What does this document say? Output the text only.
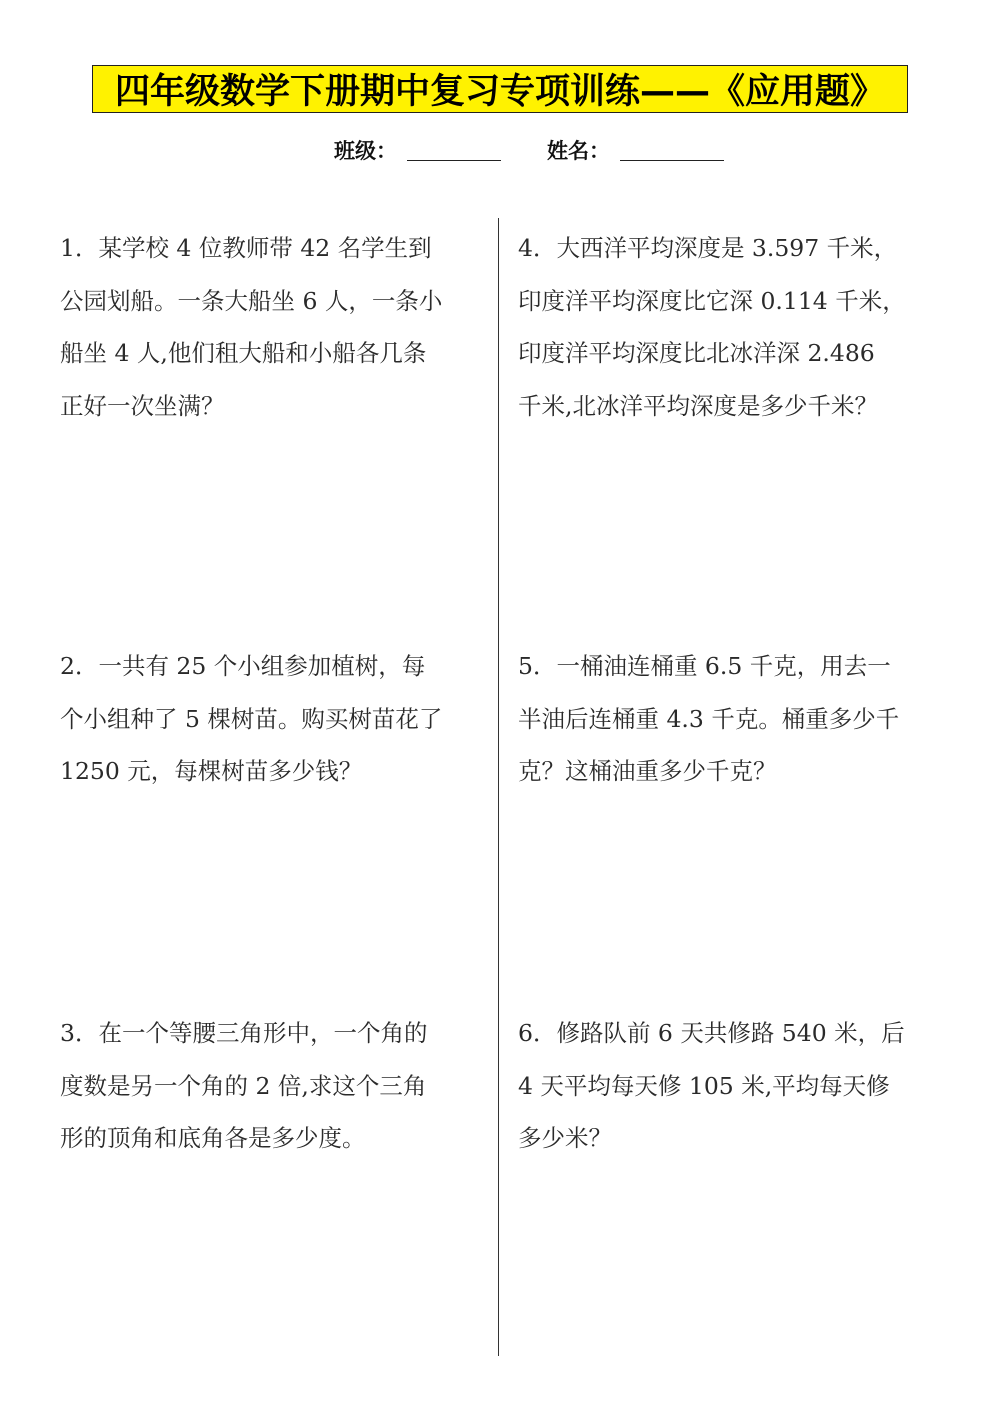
四年级数学下册期中复习专项训练——《应用题》
班级：	姓名：
1．某学校 4 位教师带 42 名学生到
公园划船。一条大船坐 6 人，一条小
船坐 4 人,他们租大船和小船各几条
正好一次坐满？
2．一共有 25 个小组参加植树，每
个小组种了 5 棵树苗。购买树苗花了
1250 元，每棵树苗多少钱？
3．在一个等腰三角形中，一个角的
度数是另一个角的 2 倍,求这个三角
形的顶角和底角各是多少度。
4．大西洋平均深度是 3.597 千米，
印度洋平均深度比它深 0.114 千米，
印度洋平均深度比北冰洋深 2.486
千米,北冰洋平均深度是多少千米？
5．一桶油连桶重 6.5 千克，用去一
半油后连桶重 4.3 千克。桶重多少千
克？这桶油重多少千克？
6．修路队前 6 天共修路 540 米，后
4 天平均每天修 105 米,平均每天修
多少米？
